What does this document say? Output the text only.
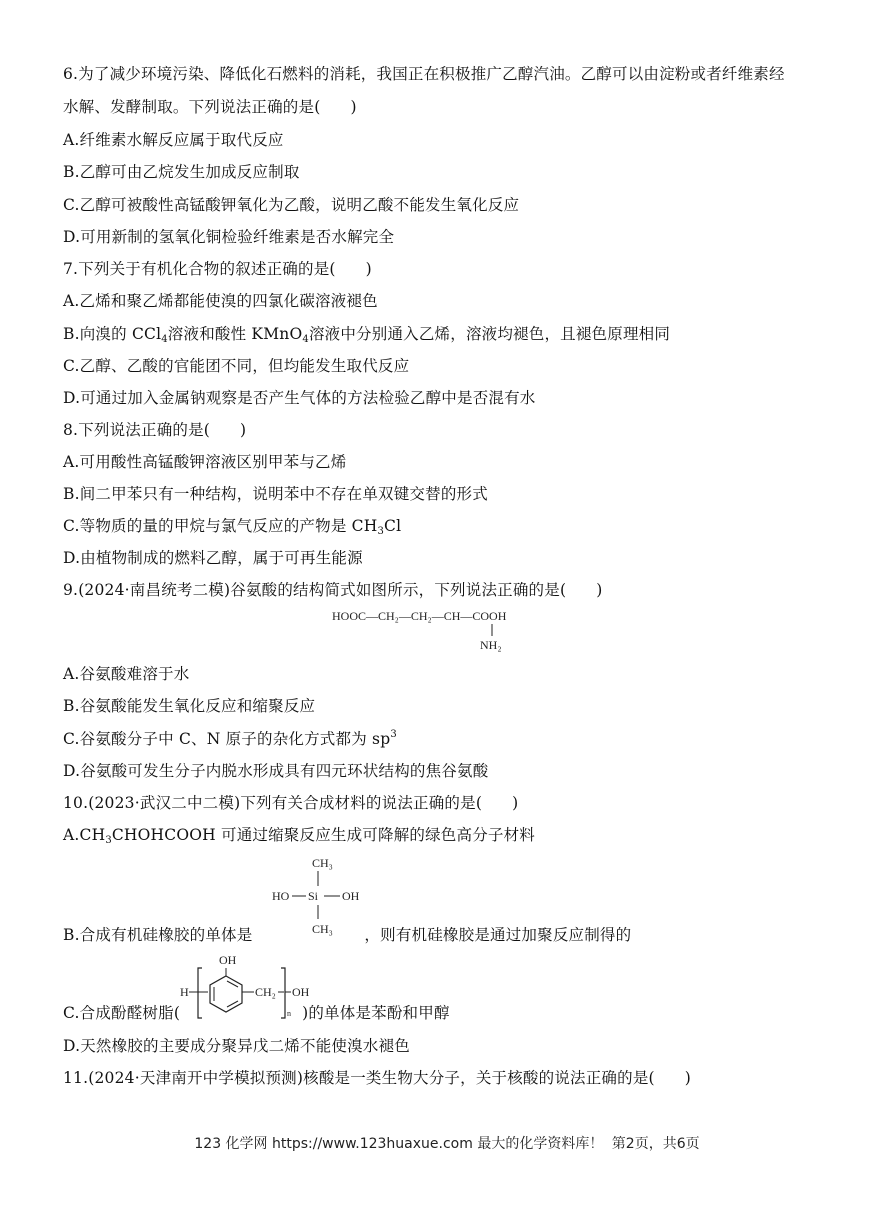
6.为了减少环境污染、降低化石燃料的消耗，我国正在积极推广乙醇汽油。乙醇可以由淀粉或者纤维素经
水解、发酵制取。下列说法正确的是( )
A.纤维素水解反应属于取代反应
B.乙醇可由乙烷发生加成反应制取
C.乙醇可被酸性高锰酸钾氧化为乙酸，说明乙酸不能发生氧化反应
D.可用新制的氢氧化铜检验纤维素是否水解完全
7.下列关于有机化合物的叙述正确的是( )
A.乙烯和聚乙烯都能使溴的四氯化碳溶液褪色
B.向溴的 CCl$_4$溶液和酸性 KMnO$_4$溶液中分别通入乙烯，溶液均褪色，且褪色原理相同
C.乙醇、乙酸的官能团不同，但均能发生取代反应
D.可通过加入金属钠观察是否产生气体的方法检验乙醇中是否混有水
8.下列说法正确的是( )
A.可用酸性高锰酸钾溶液区别甲苯与乙烯
B.间二甲苯只有一种结构，说明苯中不存在单双键交替的形式
C.等物质的量的甲烷与氯气反应的产物是 $CH_3Cl$
D.由植物制成的燃料乙醇，属于可再生能源
9.(2024·南昌统考二模)谷氨酸的结构简式如图所示，下列说法正确的是( )
HOOC—CH₂—CH₂—CH—COOH
NH₂
A.谷氨酸难溶于水
B.谷氨酸能发生氧化反应和缩聚反应
C.谷氨酸分子中 C、N 原子的杂化方式都为 $sp^3$
D.谷氨酸可发生分子内脱水形成具有四元环状结构的焦谷氨酸
10.(2023·武汉二中二模)下列有关合成材料的说法正确的是( )
$A.CH_3CHOHCOOH$ 可通过缩聚反应生成可降解的绿色高分子材料
CH₃
HO Si OH
CH₃
B.合成有机硅橡胶的单体是	，则有机硅橡胶是通过加聚反应制得的
OH
H	CH₂
n
OH
C.合成酚醛树脂(	)的单体是苯酚和甲醇
D.天然橡胶的主要成分聚异戊二烯不能使溴水褪色
11.(2024·天津南开中学模拟预测)核酸是一类生物大分子，关于核酸的说法正确的是( )
123 化学网 https://www.123huaxue.com 最大的化学资料库！ 第2页，共6页
